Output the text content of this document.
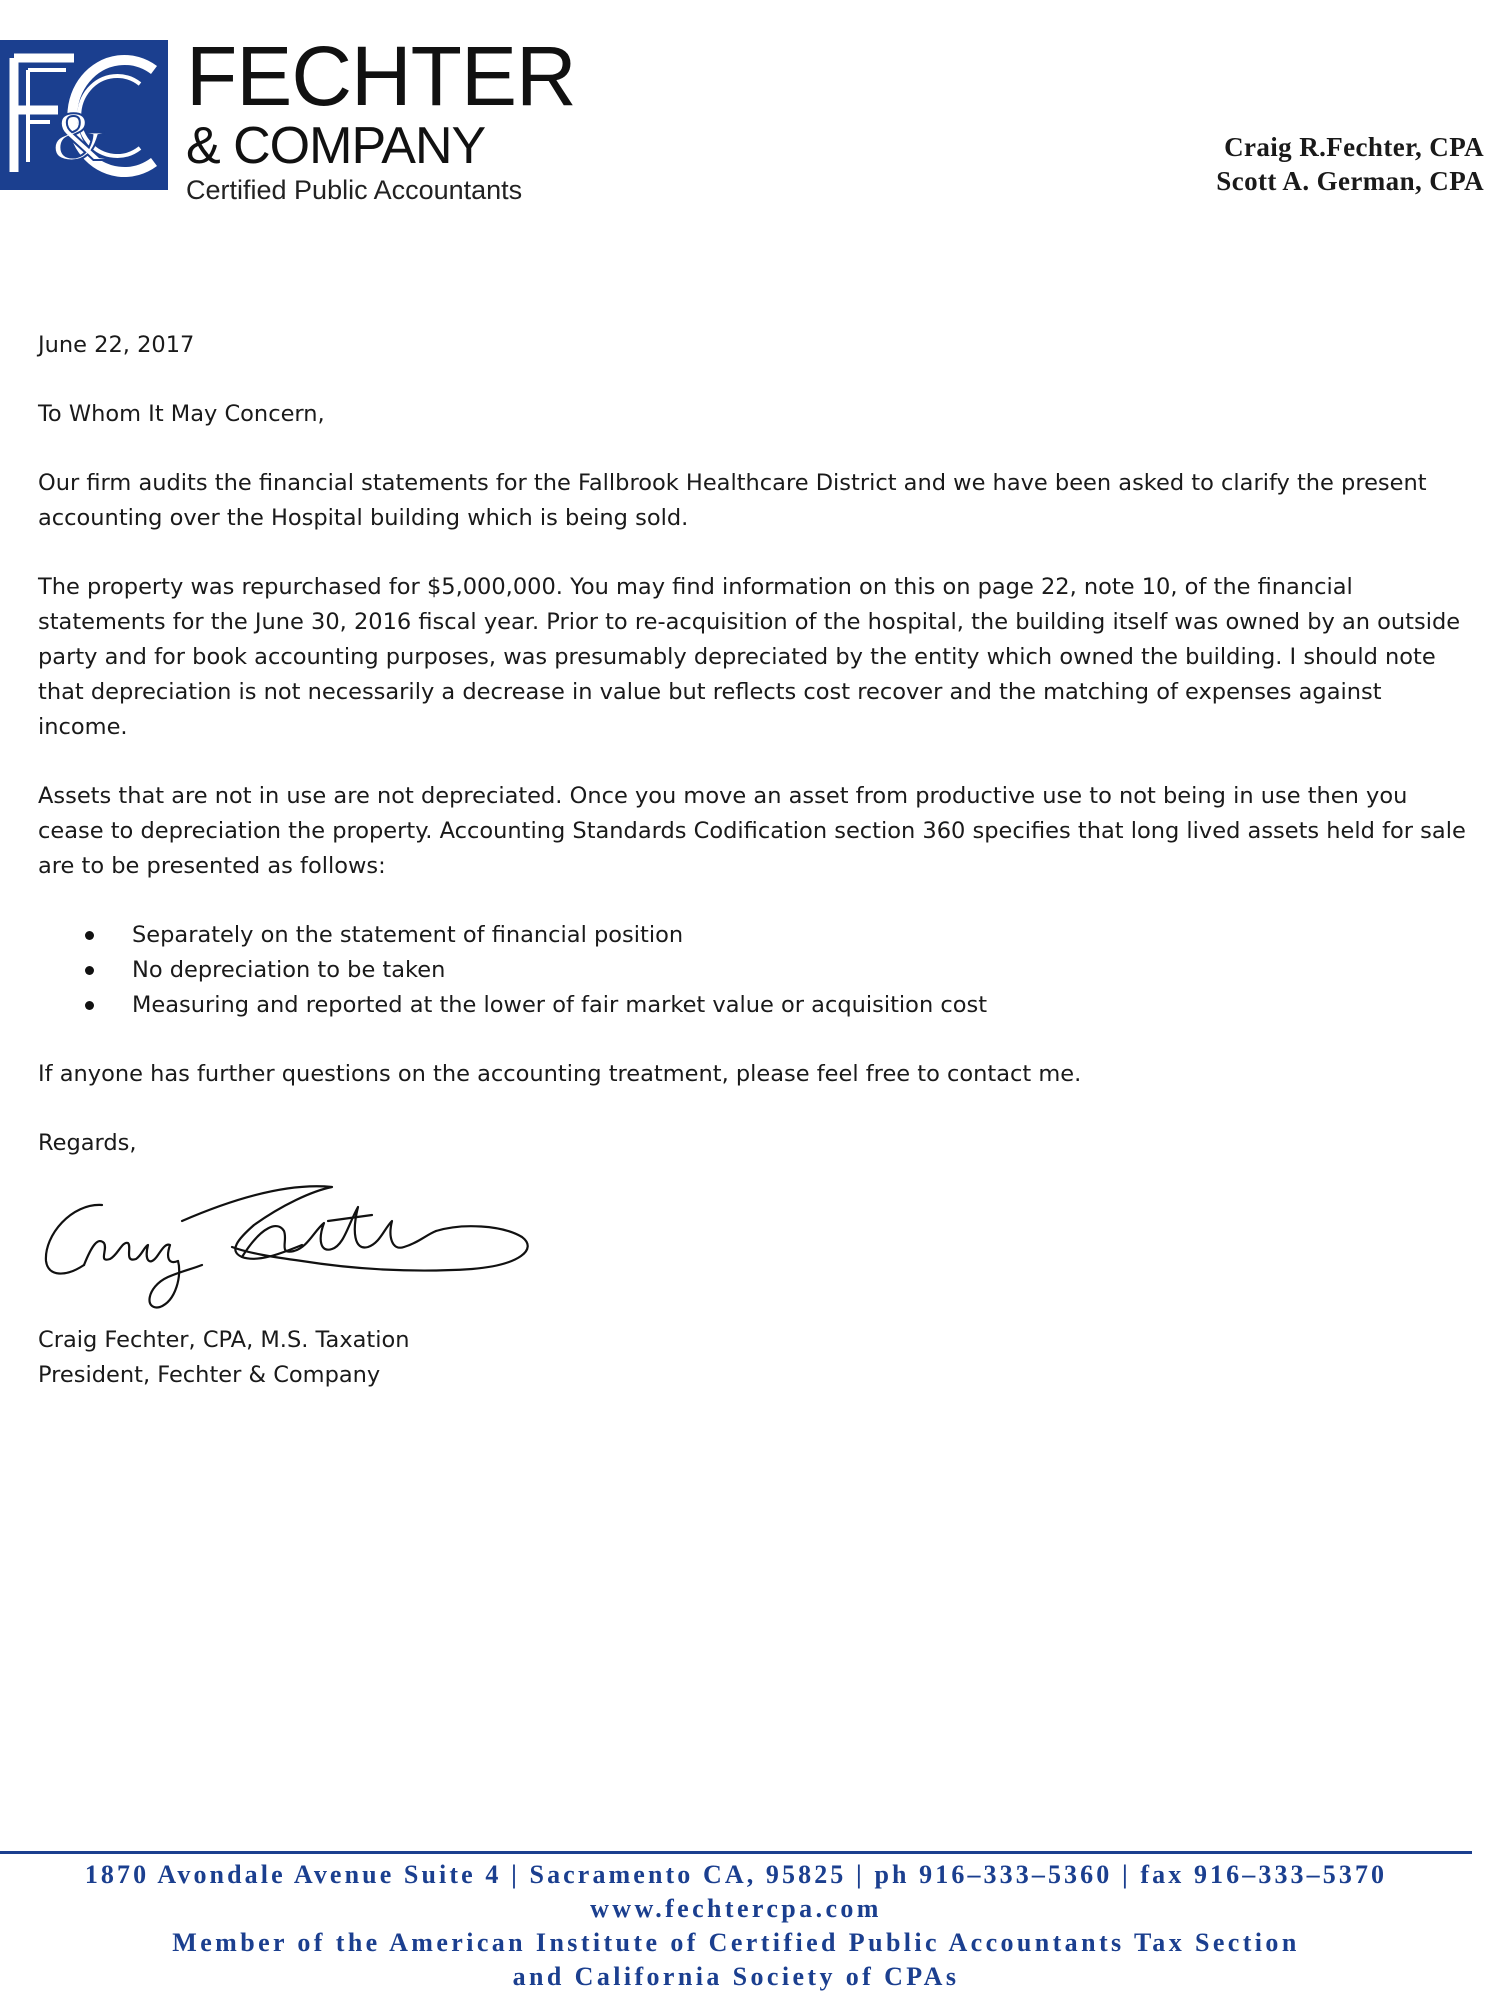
&
FECHTER
& COMPANY
Certified Public Accountants
Craig R.Fechter, CPA
Scott A. German, CPA

June 22, 2017

To Whom It May Concern,

Our firm audits the financial statements for the Fallbrook Healthcare District and we have been asked to clarify the present accounting over the Hospital building which is being sold.

The property was repurchased for $5,000,000. You may find information on this on page 22, note 10, of the financial statements for the June 30, 2016 fiscal year. Prior to re-acquisition of the hospital, the building itself was owned by an outside party and for book accounting purposes, was presumably depreciated by the entity which owned the building. I should note that depreciation is not necessarily a decrease in value but reflects cost recover and the matching of expenses against income.

Assets that are not in use are not depreciated. Once you move an asset from productive use to not being in use then you cease to depreciation the property. Accounting Standards Codification section 360 specifies that long lived assets held for sale are to be presented as follows:

Separately on the statement of financial position
No depreciation to be taken
Measuring and reported at the lower of fair market value or acquisition cost

If anyone has further questions on the accounting treatment, please feel free to contact me.

Regards,

Craig Fechter, CPA, M.S. Taxation

President, Fechter & Company

1870 Avondale Avenue Suite 4 | Sacramento CA, 95825 | ph 916–333–5360 | fax 916–333–5370
www.fechtercpa.com
Member of the American Institute of Certified Public Accountants Tax Section
and California Society of CPAs
